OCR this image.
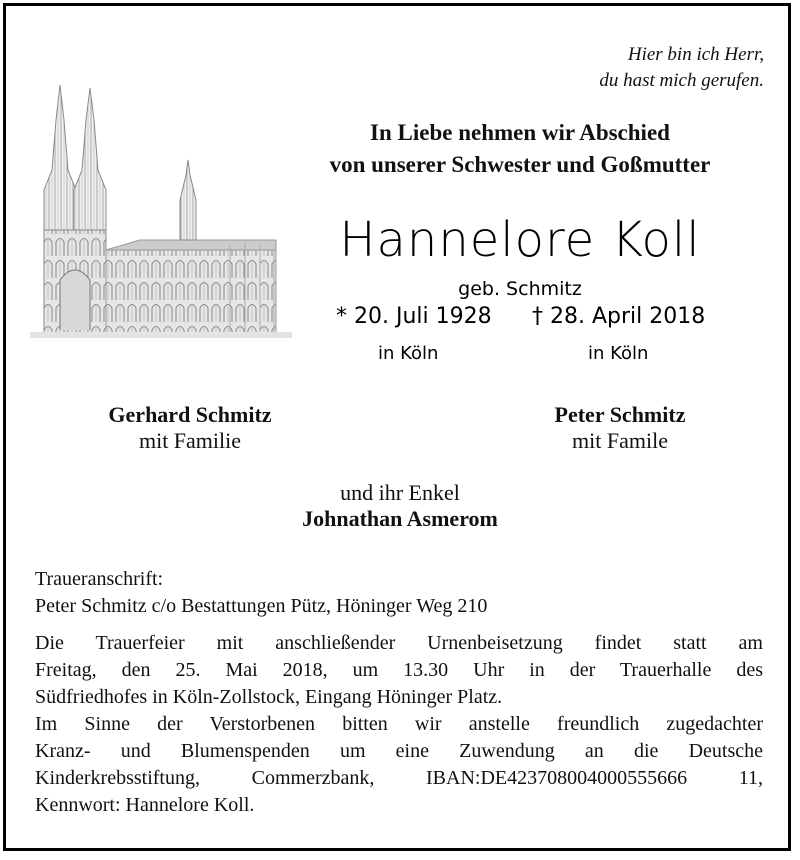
Hier bin ich Herr,
du hast mich gerufen.
In Liebe nehmen wir Abschied
von unserer Schwester und Goßmutter
Hannelore Koll
geb. Schmitz
* 20. Juli 1928 † 28. April 2018
in Köln	in Köln
Gerhard Schmitz
mit Familie
Peter Schmitz
mit Famile
und ihr Enkel
Johnathan Asmerom
Traueranschrift:
Peter Schmitz c/o Bestattungen Pütz, Höninger Weg 210
Die Trauerfeier mit anschließender Urnenbeisetzung findet statt am
Freitag, den 25. Mai 2018, um 13.30 Uhr in der Trauerhalle des
Südfriedhofes in Köln-Zollstock, Eingang Höninger Platz.
Im Sinne der Verstorbenen bitten wir anstelle freundlich zugedachter
Kranz- und Blumenspenden um eine Zuwendung an die Deutsche
Kinderkrebsstiftung, Commerzbank, IBAN:DE423708004000555666 11,
Kennwort: Hannelore Koll.
